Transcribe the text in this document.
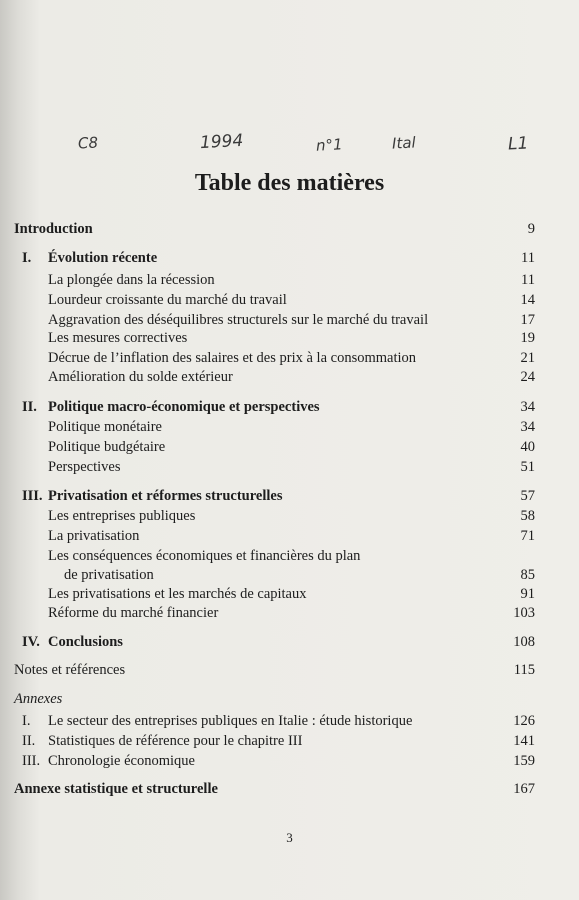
C8	1994	n°1	Ital	L1
Table des matières
Introduction	9
I. Évolution récente	11
La plongée dans la récession	11
Lourdeur croissante du marché du travail	14
Aggravation des déséquilibres structurels sur le marché du travail	17
Les mesures correctives	19
Décrue de l’inflation des salaires et des prix à la consommation	21
Amélioration du solde extérieur	24
II. Politique macro-économique et perspectives	34
Politique monétaire	34
Politique budgétaire	40
Perspectives	51
III. Privatisation et réformes structurelles	57
Les entreprises publiques	58
La privatisation	71
Les conséquences économiques et financières du plan
de privatisation	85
Les privatisations et les marchés de capitaux	91
Réforme du marché financier	103
IV. Conclusions	108
Notes et références	115
Annexes
I. Le secteur des entreprises publiques en Italie : étude historique	126
II. Statistiques de référence pour le chapitre III	141
III. Chronologie économique	159
Annexe statistique et structurelle	167
3
